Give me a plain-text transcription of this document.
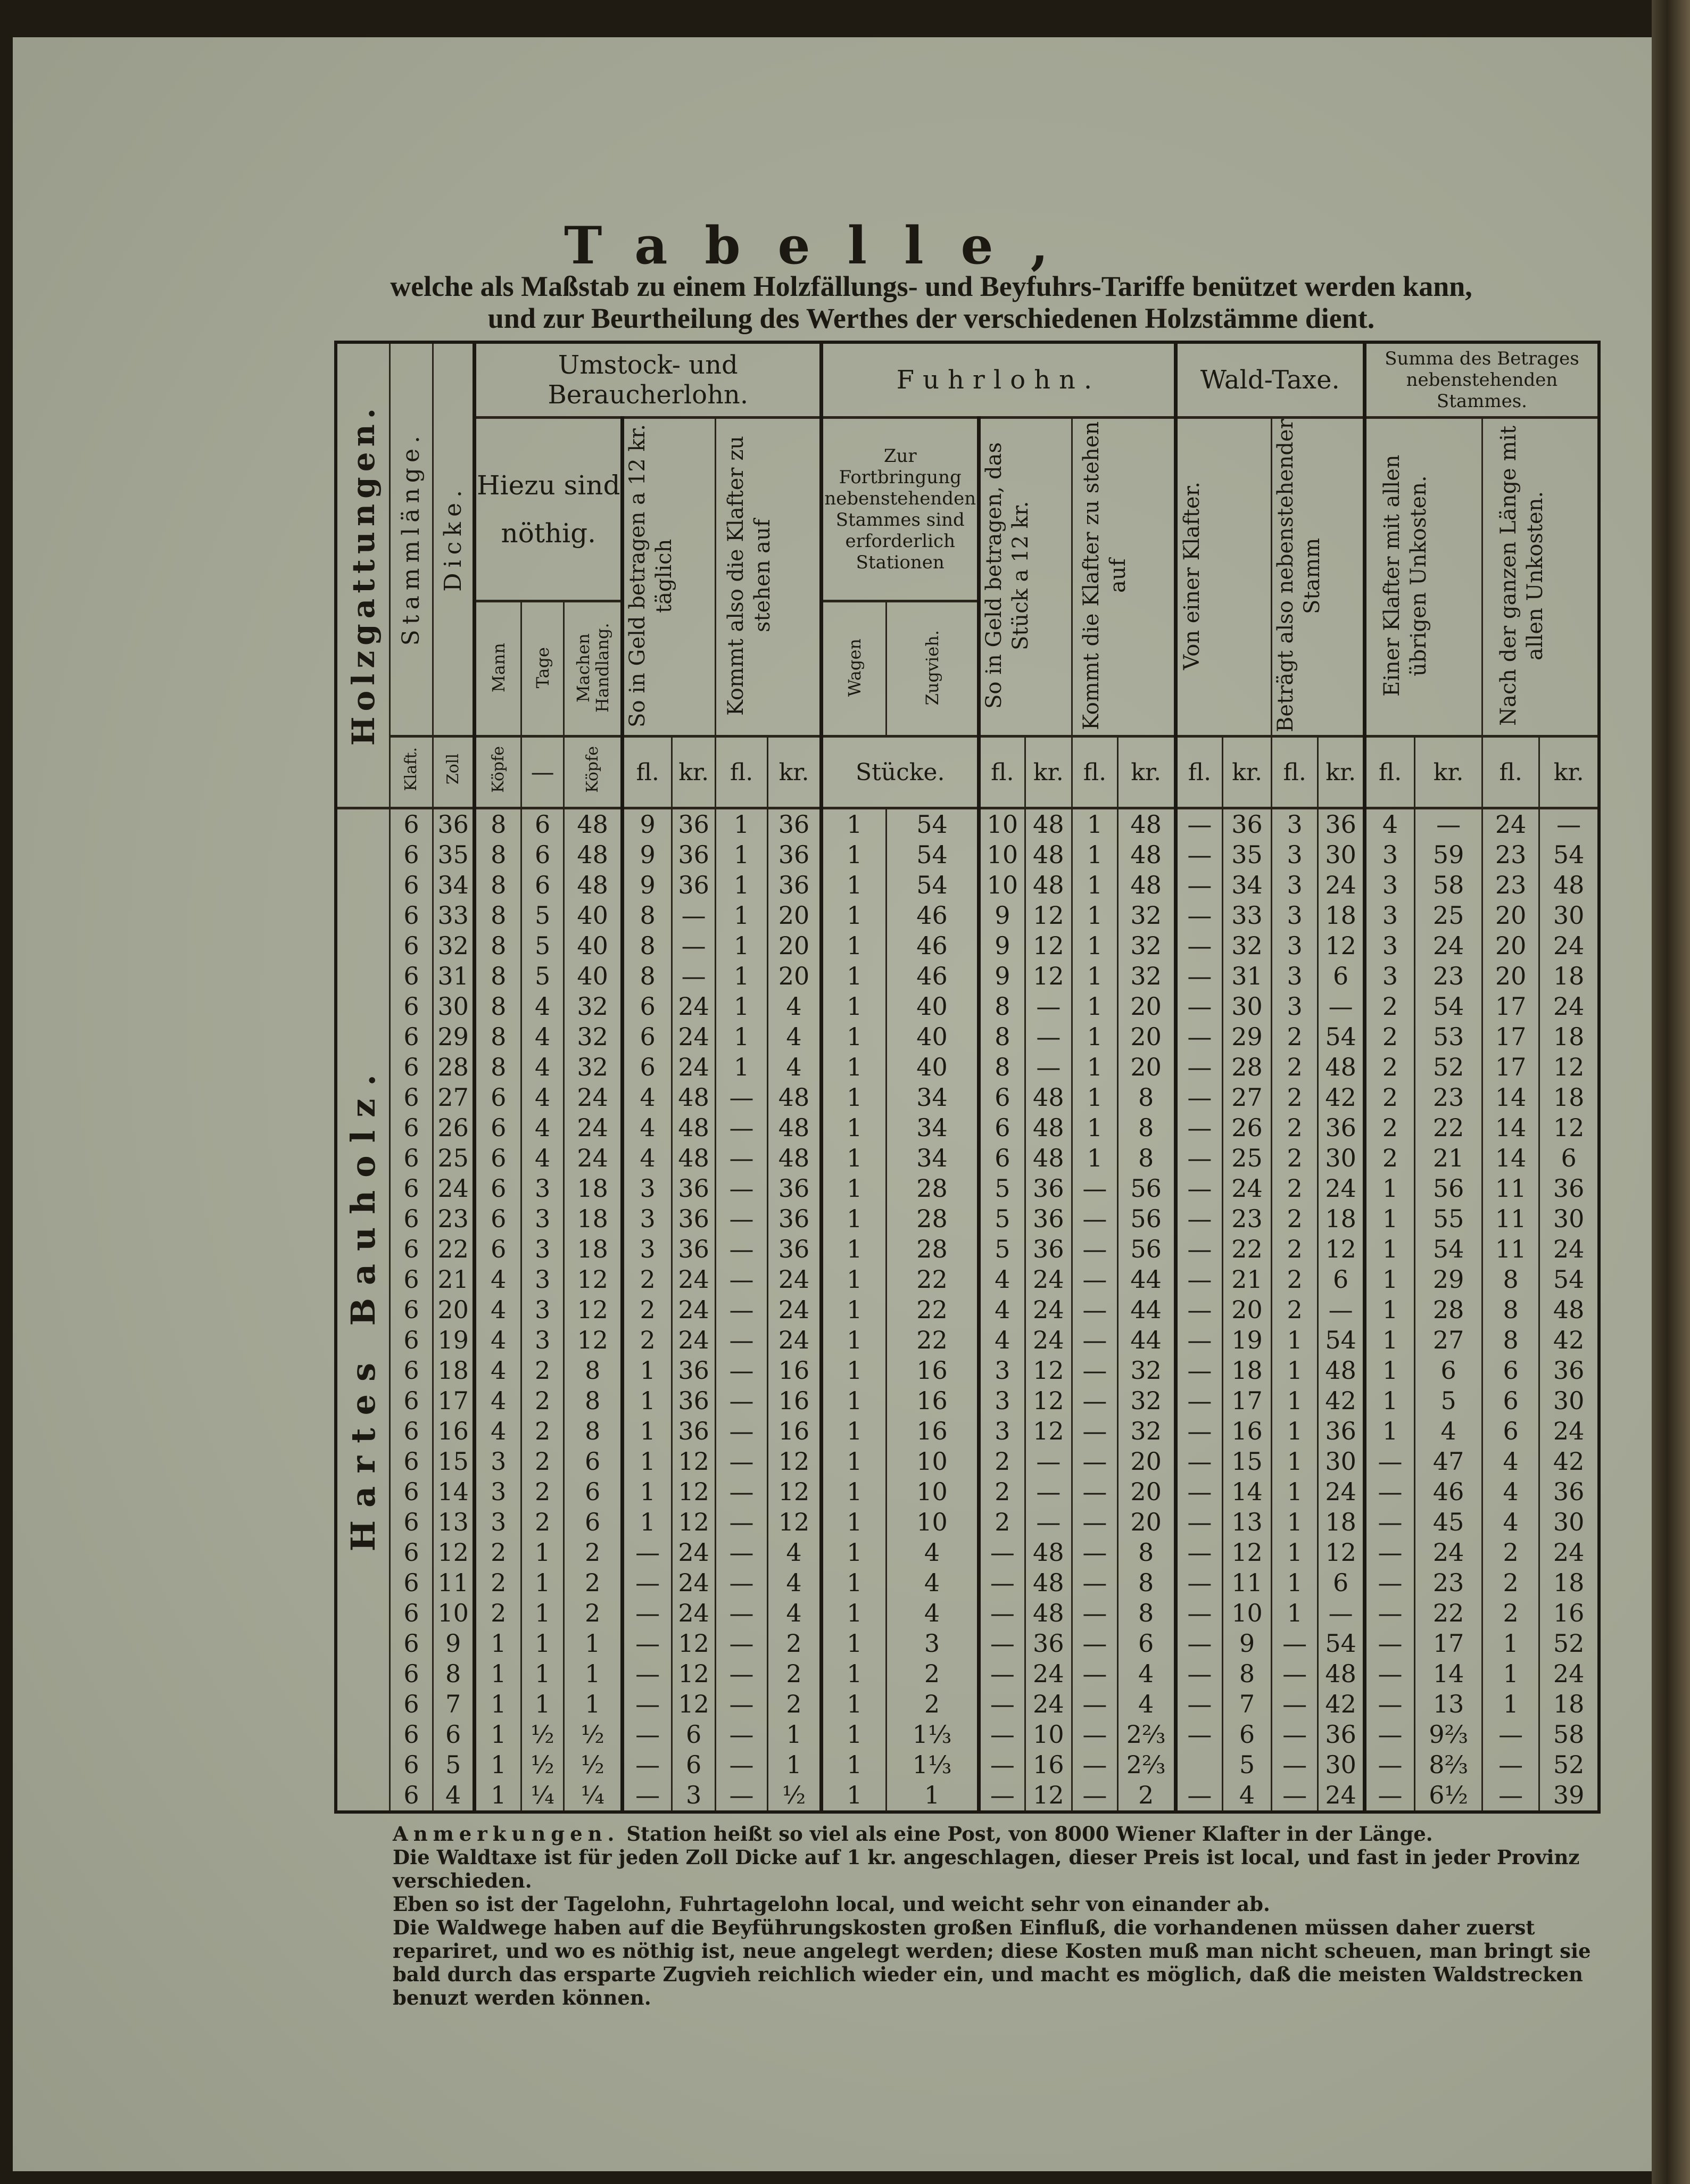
Tabelle,
welche als Maßstab zu einem Holzfällungs- und Beyfuhrs-Tariffe benützet werden kann,
und zur Beurtheilung des Werthes der verschiedenen Holzstämme dient.
Holzgattungen.	Stammlänge.	Dicke.	Umstock- und Beraucherlohn.							Fuhrlohn.						Wald-Taxe.				Summa des Betrages nebenstehenden Stammes.			
			Hiezu sind nöthig.			So in Geld betragen a 12 kr. täglich		Kommt also die Klafter zu stehen auf		Zur Fortbringung nebenstehenden Stammes sind erforderlich Stationen		So in Geld betragen, das Stück a 12 kr.		Kommt die Klafter zu stehen auf		Von einer Klafter.		Beträgt also nebenstehender Stamm		Einer Klafter mit allen übrigen Unkosten.		Nach der ganzen Länge mit allen Unkosten.	
			Mann	Tage	Machen Handlang.					Wagen	Zugvieh.												
	Klaft.	Zoll	Köpfe	—	Köpfe	fl.	kr.	fl.	kr.	Stücke.		fl.	kr.	fl.	kr.	fl.	kr.	fl.	kr.	fl.	kr.	fl.	kr.
Hartes Bauholz.	6	36	8	6	48	9	36	1	36	1	54	10	48	1	48	—	36	3	36	4	—	24	—
	6	35	8	6	48	9	36	1	36	1	54	10	48	1	48	—	35	3	30	3	59	23	54
	6	34	8	6	48	9	36	1	36	1	54	10	48	1	48	—	34	3	24	3	58	23	48
	6	33	8	5	40	8	—	1	20	1	46	9	12	1	32	—	33	3	18	3	25	20	30
	6	32	8	5	40	8	—	1	20	1	46	9	12	1	32	—	32	3	12	3	24	20	24
	6	31	8	5	40	8	—	1	20	1	46	9	12	1	32	—	31	3	6	3	23	20	18
	6	30	8	4	32	6	24	1	4	1	40	8	—	1	20	—	30	3	—	2	54	17	24
	6	29	8	4	32	6	24	1	4	1	40	8	—	1	20	—	29	2	54	2	53	17	18
	6	28	8	4	32	6	24	1	4	1	40	8	—	1	20	—	28	2	48	2	52	17	12
	6	27	6	4	24	4	48	—	48	1	34	6	48	1	8	—	27	2	42	2	23	14	18
	6	26	6	4	24	4	48	—	48	1	34	6	48	1	8	—	26	2	36	2	22	14	12
	6	25	6	4	24	4	48	—	48	1	34	6	48	1	8	—	25	2	30	2	21	14	6
	6	24	6	3	18	3	36	—	36	1	28	5	36	—	56	—	24	2	24	1	56	11	36
	6	23	6	3	18	3	36	—	36	1	28	5	36	—	56	—	23	2	18	1	55	11	30
	6	22	6	3	18	3	36	—	36	1	28	5	36	—	56	—	22	2	12	1	54	11	24
	6	21	4	3	12	2	24	—	24	1	22	4	24	—	44	—	21	2	6	1	29	8	54
	6	20	4	3	12	2	24	—	24	1	22	4	24	—	44	—	20	2	—	1	28	8	48
	6	19	4	3	12	2	24	—	24	1	22	4	24	—	44	—	19	1	54	1	27	8	42
	6	18	4	2	8	1	36	—	16	1	16	3	12	—	32	—	18	1	48	1	6	6	36
	6	17	4	2	8	1	36	—	16	1	16	3	12	—	32	—	17	1	42	1	5	6	30
	6	16	4	2	8	1	36	—	16	1	16	3	12	—	32	—	16	1	36	1	4	6	24
	6	15	3	2	6	1	12	—	12	1	10	2	—	—	20	—	15	1	30	—	47	4	42
	6	14	3	2	6	1	12	—	12	1	10	2	—	—	20	—	14	1	24	—	46	4	36
	6	13	3	2	6	1	12	—	12	1	10	2	—	—	20	—	13	1	18	—	45	4	30
	6	12	2	1	2	—	24	—	4	1	4	—	48	—	8	—	12	1	12	—	24	2	24
	6	11	2	1	2	—	24	—	4	1	4	—	48	—	8	—	11	1	6	—	23	2	18
	6	10	2	1	2	—	24	—	4	1	4	—	48	—	8	—	10	1	—	—	22	2	16
	6	9	1	1	1	—	12	—	2	1	3	—	36	—	6	—	9	—	54	—	17	1	52
	6	8	1	1	1	—	12	—	2	1	2	—	24	—	4	—	8	—	48	—	14	1	24
	6	7	1	1	1	—	12	—	2	1	2	—	24	—	4	—	7	—	42	—	13	1	18
	6	6	1	½	½	—	6	—	1	1	1⅓	—	10	—	2⅔	—	6	—	36	—	9⅔	—	58
	6	5	1	½	½	—	6	—	1	1	1⅓	—	16	—	2⅔		5	—	30	—	8⅔	—	52
	6	4	1	¼	¼	—	3	—	½	1	1	—	12	—	2	—	4	—	24	—	6½	—	39

Anmerkungen. Station heißt so viel als eine Post, von 8000 Wiener Klafter in der Länge.

Die Waldtaxe ist für jeden Zoll Dicke auf 1 kr. angeschlagen, dieser Preis ist local, und fast in jeder Provinz verschieden.

Eben so ist der Tagelohn, Fuhrtagelohn local, und weicht sehr von einander ab.

Die Waldwege haben auf die Beyführungskosten großen Einfluß, die vorhandenen müssen daher zuerst repariret, und wo es nöthig ist, neue angelegt werden; diese Kosten muß man nicht scheuen, man bringt sie bald durch das ersparte Zugvieh reichlich wieder ein, und macht es möglich, daß die meisten Waldstrecken benuzt werden können.
